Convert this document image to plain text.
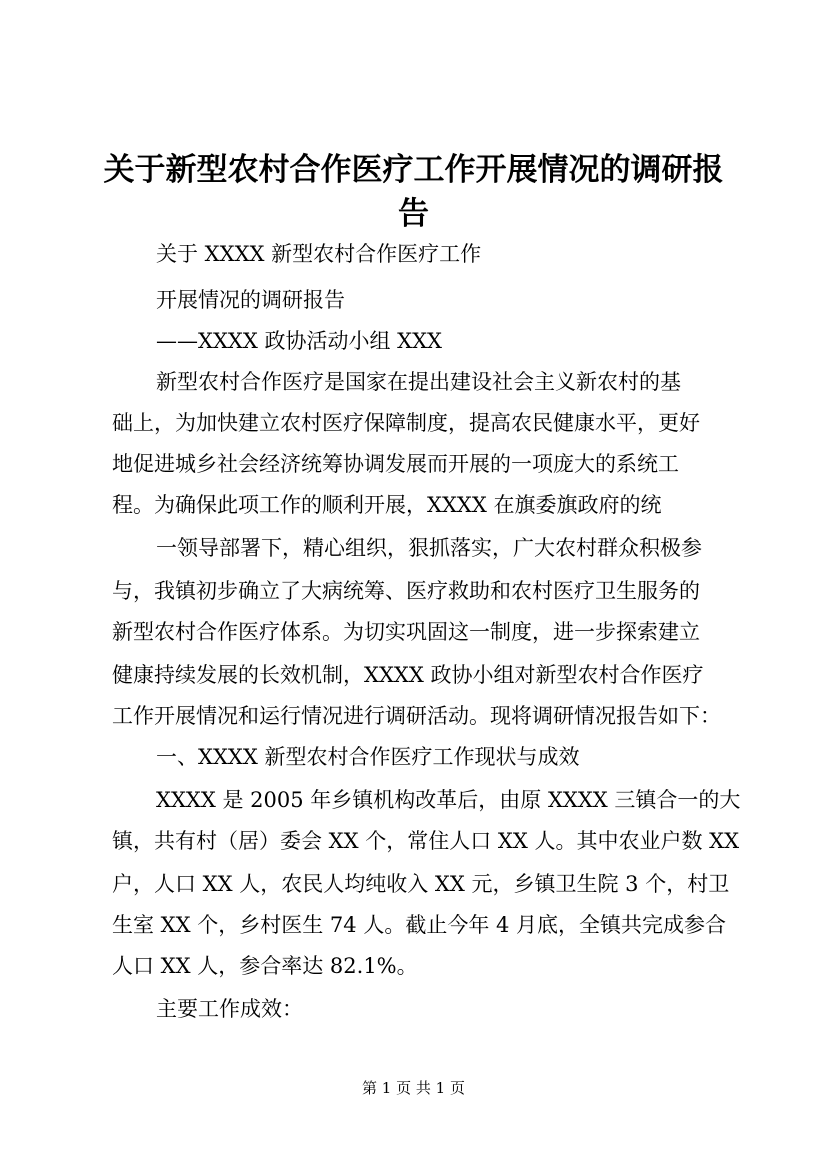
关于新型农村合作医疗工作开展情况的调研报
告
关于 XXXX 新型农村合作医疗工作
开展情况的调研报告
——XXXX 政协活动小组 XXX
新型农村合作医疗是国家在提出建设社会主义新农村的基
础上，为加快建立农村医疗保障制度，提高农民健康水平，更好
地促进城乡社会经济统筹协调发展而开展的一项庞大的系统工
程。为确保此项工作的顺利开展，XXXX 在旗委旗政府的统
一领导部署下，精心组织，狠抓落实，广大农村群众积极参
与，我镇初步确立了大病统筹、医疗救助和农村医疗卫生服务的
新型农村合作医疗体系。为切实巩固这一制度，进一步探索建立
健康持续发展的长效机制，XXXX 政协小组对新型农村合作医疗
工作开展情况和运行情况进行调研活动。现将调研情况报告如下：
一、XXXX 新型农村合作医疗工作现状与成效
XXXX 是 2005 年乡镇机构改革后，由原 XXXX 三镇合一的大
镇，共有村（居）委会 XX 个，常住人口 XX 人。其中农业户数 XX
户，人口 XX 人，农民人均纯收入 XX 元，乡镇卫生院 3 个，村卫
生室 XX 个，乡村医生 74 人。截止今年 4 月底，全镇共完成参合
人口 XX 人，参合率达 82.1%。
主要工作成效：
第 1 页 共 1 页
